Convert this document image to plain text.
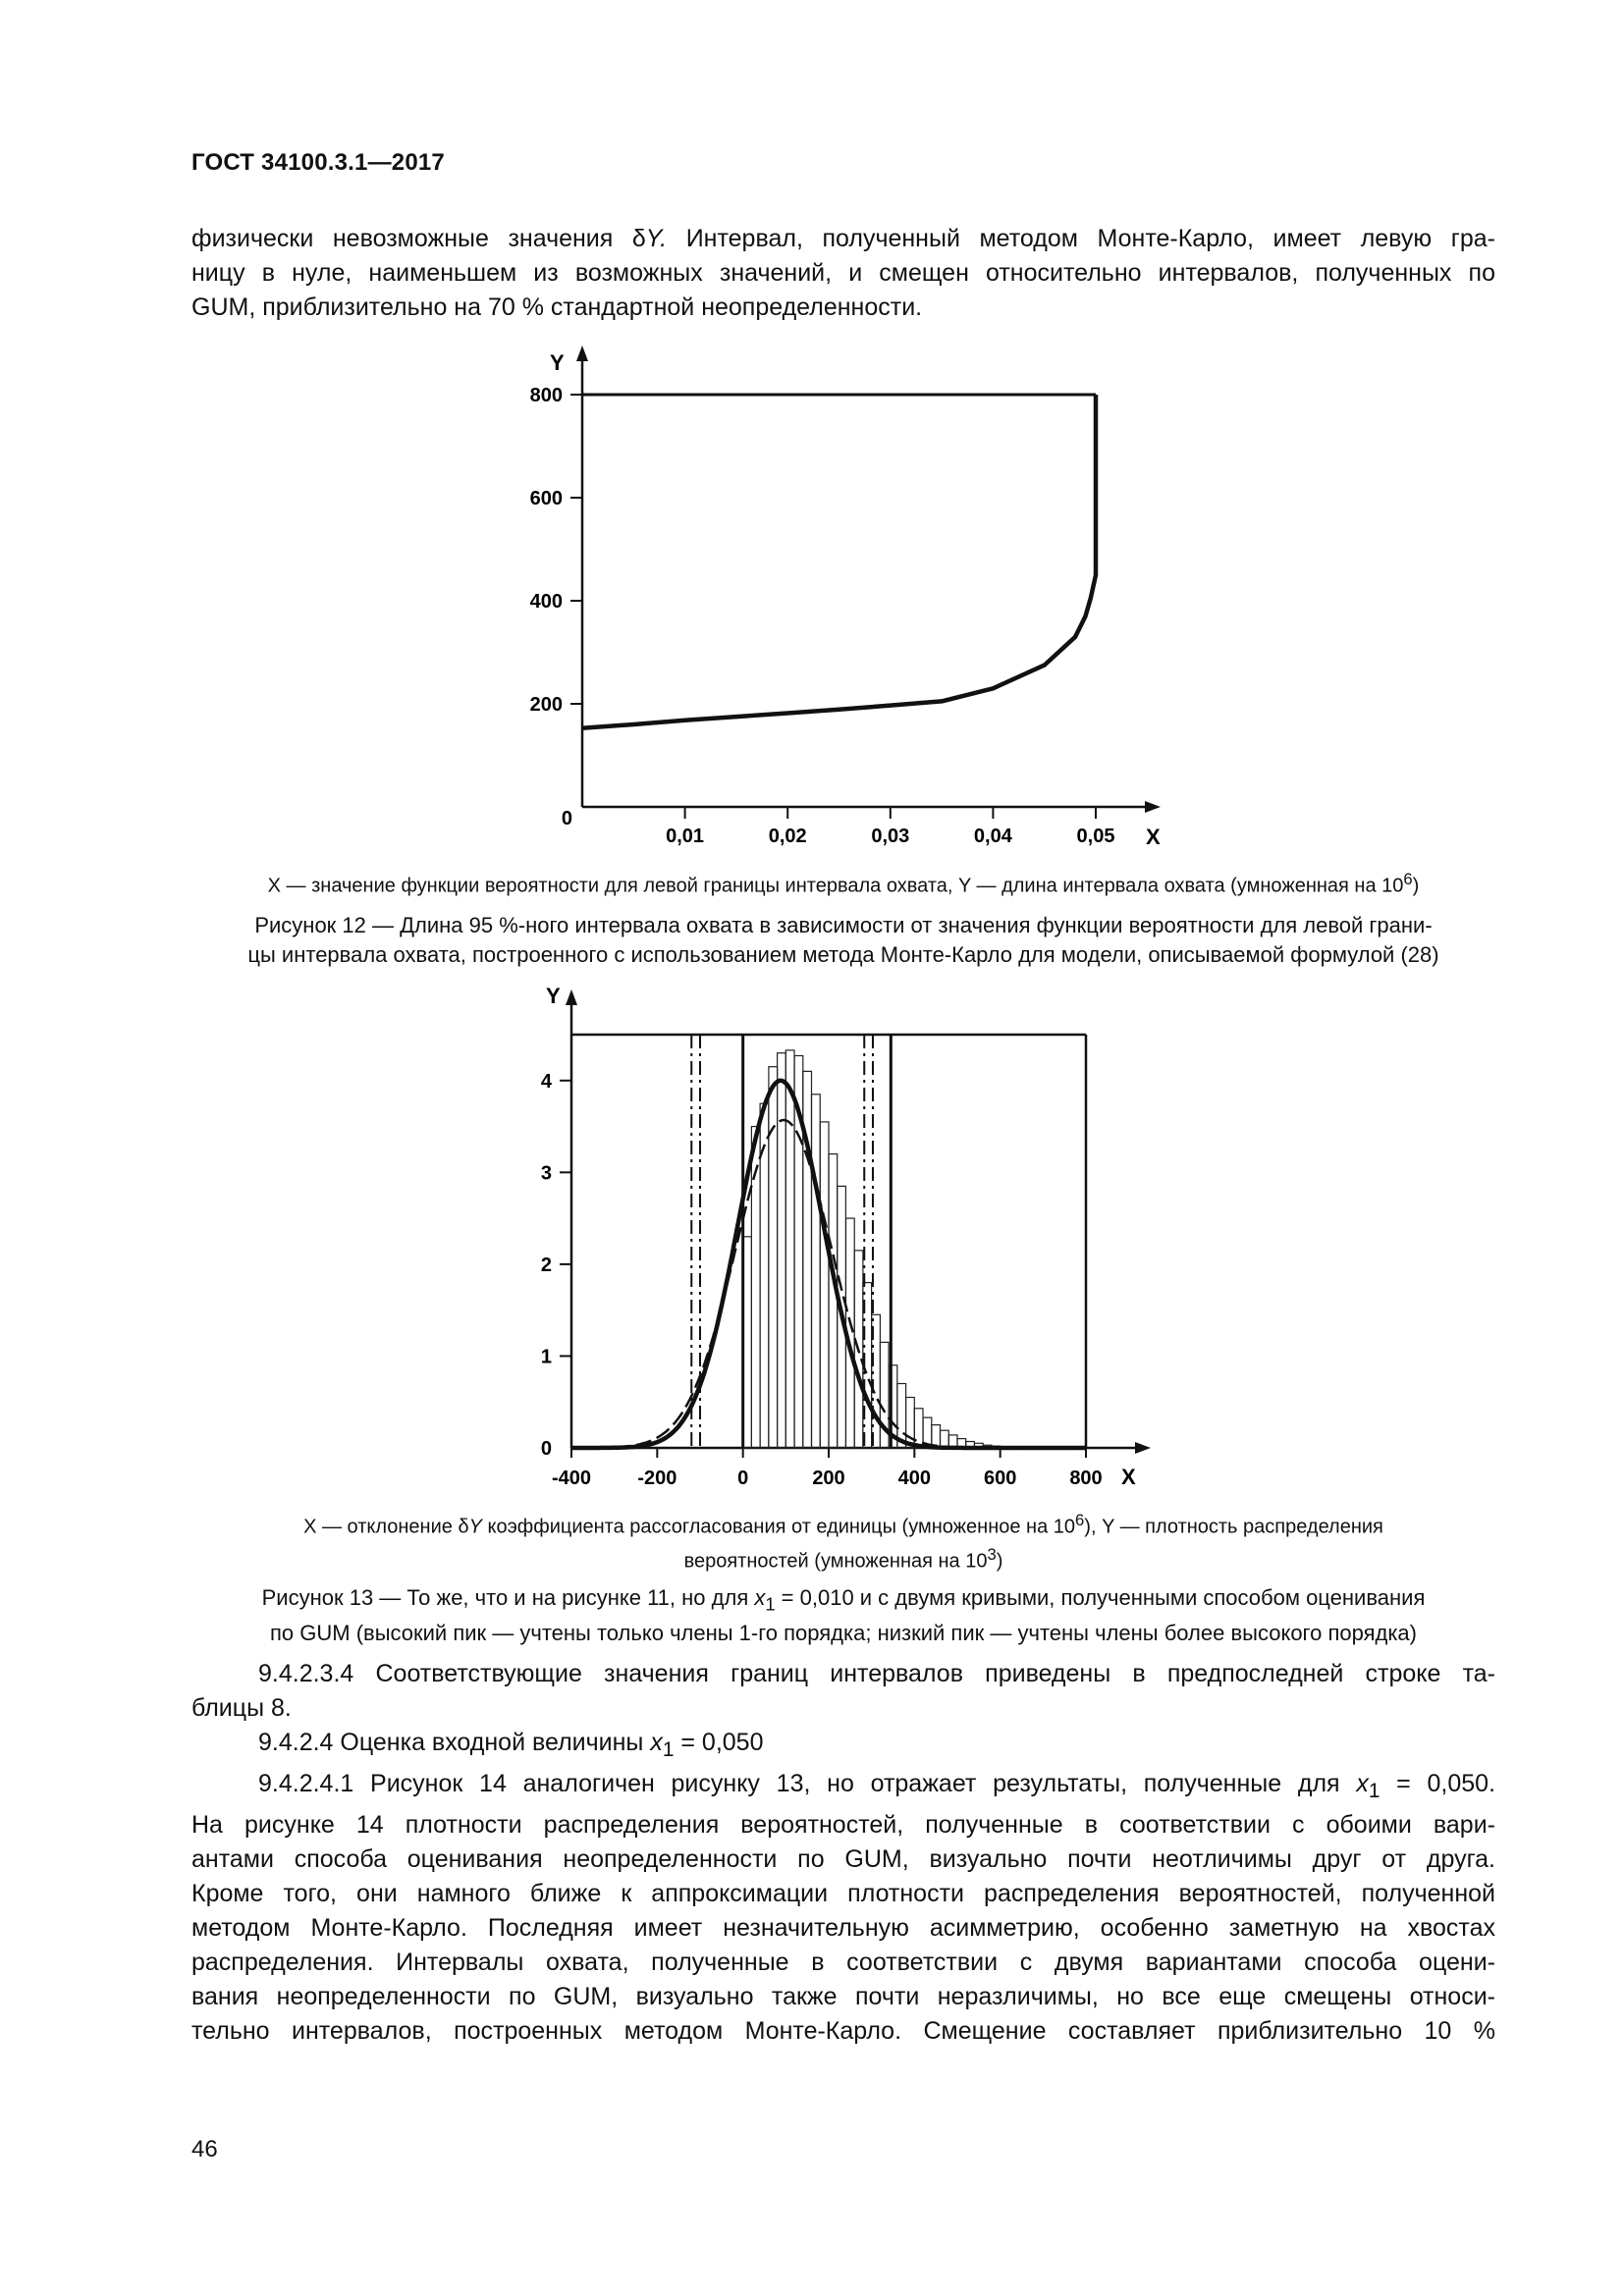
ГОСТ 34100.3.1—2017
физически невозможные значения δY. Интервал, полученный методом Монте-Карло, имеет левую гра-
ницу в нуле, наименьшем из возможных значений, и смещен относительно интервалов, полученных по
GUM, приблизительно на 70 % стандартной неопределенности.
X
Y
0,01	0,02	0,03	0,04	0,05
0
200
400
600
800
X — значение функции вероятности для левой границы интервала охвата, Y — длина интервала охвата (умноженная на $10^6$)
Рисунок 12 — Длина 95 %-ного интервала охвата в зависимости от значения функции вероятности для левой грани-
цы интервала охвата, построенного с использованием метода Монте-Карло для модели, описываемой формулой (28)
X
Y
-400 -200	0	200	400	600	800
0
1
2
3
4
X — отклонение δY коэффициента рассогласования от единицы (умноженное на $10^6$), Y — плотность распределения
вероятностей (умноженная на $10^3$)
Рисунок 13 — То же, что и на рисунке 11, но для $x_1 = 0,010$ и с двумя кривыми, полученными способом оценивания
по GUM (высокий пик — учтены только члены 1-го порядка; низкий пик — учтены члены более высокого порядка)
9.4.2.3.4 Соответствующие значения границ интервалов приведены в предпоследней строке та-
блицы 8.
9.4.2.4 Оценка входной величины $x_1 = 0,050$
9.4.2.4.1 Рисунок 14 аналогичен рисунку 13, но отражает результаты, полученные для $x_1 = 0,050$.
На рисунке 14 плотности распределения вероятностей, полученные в соответствии с обоими вари-
антами способа оценивания неопределенности по GUM, визуально почти неотличимы друг от друга.
Кроме того, они намного ближе к аппроксимации плотности распределения вероятностей, полученной
методом Монте-Карло. Последняя имеет незначительную асимметрию, особенно заметную на хвостах
распределения. Интервалы охвата, полученные в соответствии с двумя вариантами способа оцени-
вания неопределенности по GUM, визуально также почти неразличимы, но все еще смещены относи-
тельно интервалов, построенных методом Монте-Карло. Смещение составляет приблизительно 10 %
46
